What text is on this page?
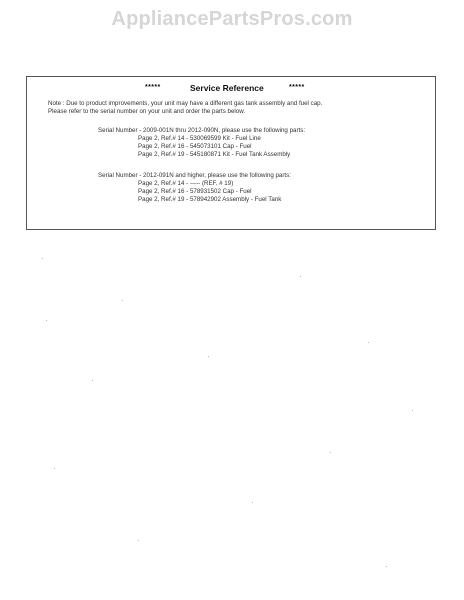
AppliancePartsPros.com
*****	Service Reference	*****
Note : Due to product improvements, your unit may have a different gas tank assembly and fuel cap.
Please refer to the serial number on your unit and order the parts below.
Serial Number - 2009-001N thru 2012-090N, please use the following parts:
Page 2, Ref.# 14 - 530069599 Kit - Fuel Line
Page 2, Ref.# 16 - 545073101 Cap - Fuel
Page 2, Ref.# 19 - 545180871 Kit - Fuel Tank Assembly
Serial Number - 2012-091N and higher, please use the following parts:
Page 2, Ref.# 14 - ----- (REF. # 19)
Page 2, Ref.# 16 - 578931502 Cap - Fuel
Page 2, Ref.# 19 - 578942902 Assembly - Fuel Tank
